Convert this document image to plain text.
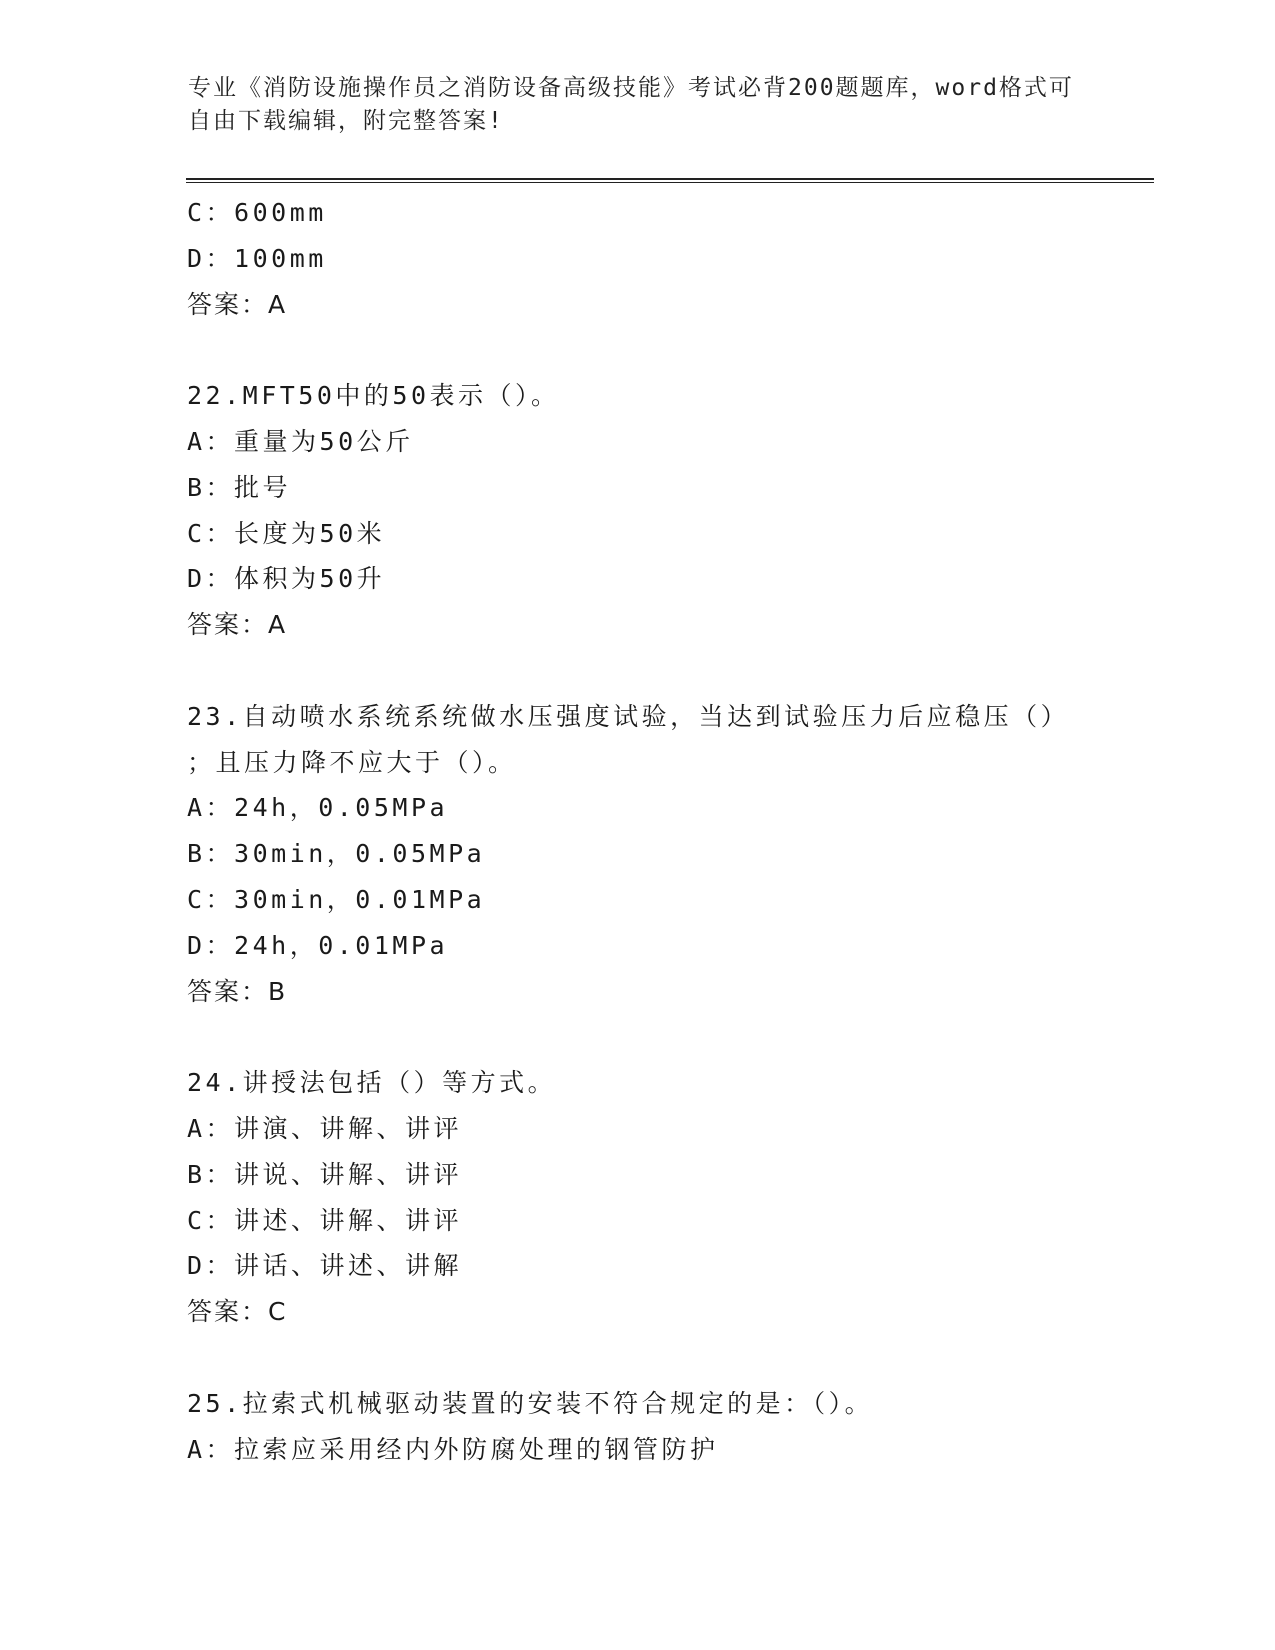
专业《消防设施操作员之消防设备高级技能》考试必背200题题库，word格式可
自由下载编辑，附完整答案!
C：600mm
D：100mm
答案：A
22.MFT50中的50表示（）。
A：重量为50公斤
B：批号
C：长度为50米
D：体积为50升
答案：A
23.自动喷水系统系统做水压强度试验，当达到试验压力后应稳压（）
；且压力降不应大于（）。
A：24h，0.05MPa
B：30min，0.05MPa
C：30min，0.01MPa
D：24h，0.01MPa
答案：B
24.讲授法包括（）等方式。
A：讲演、讲解、讲评
B：讲说、讲解、讲评
C：讲述、讲解、讲评
D：讲话、讲述、讲解
答案：C
25.拉索式机械驱动装置的安装不符合规定的是：（）。
A：拉索应采用经内外防腐处理的钢管防护
